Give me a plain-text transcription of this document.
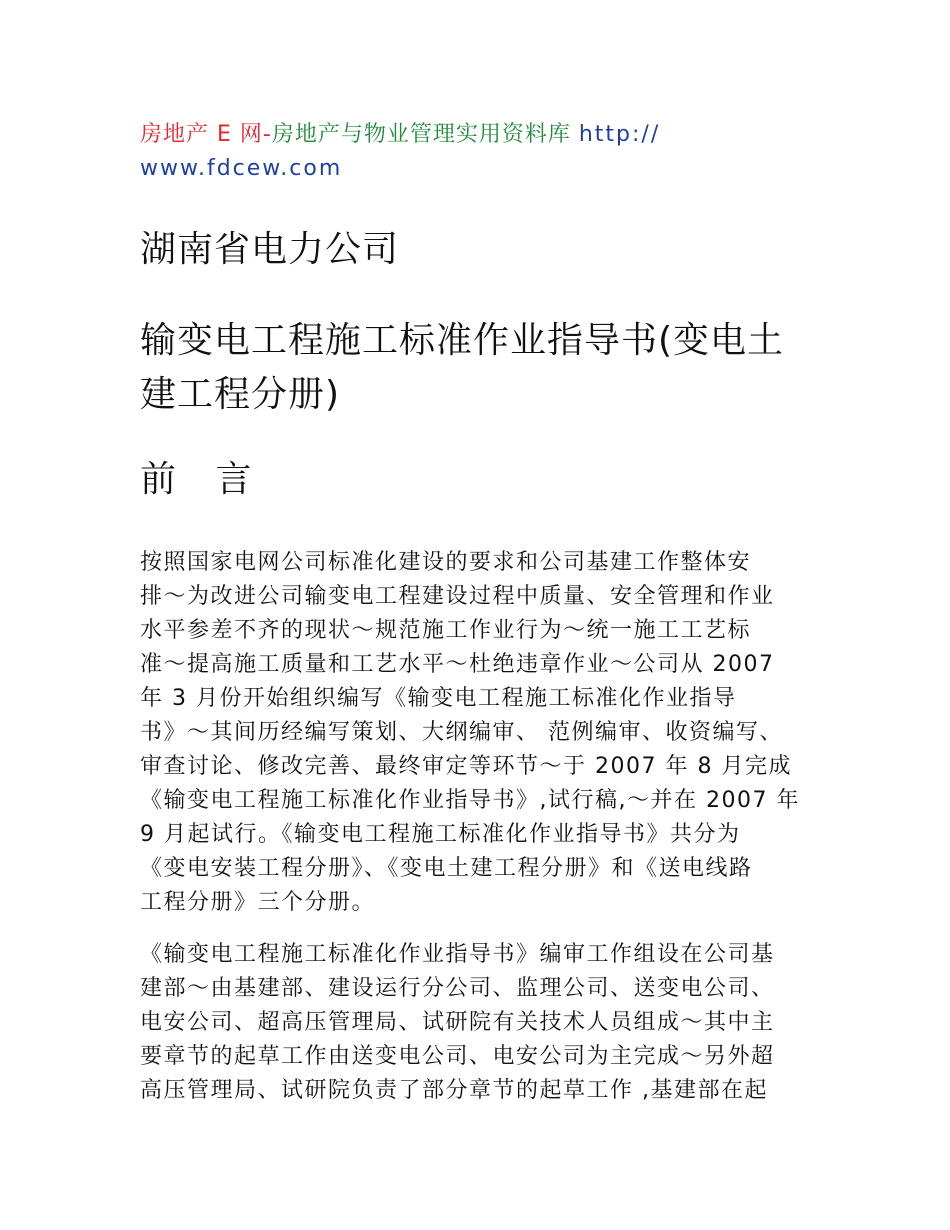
房地产 E 网-房地产与物业管理实用资料库 http://
www.fdcew.com
湖南省电力公司
输变电工程施工标准作业指导书(变电土
建工程分册)
前 言
按照国家电网公司标准化建设的要求和公司基建工作整体安
排～为改进公司输变电工程建设过程中质量、安全管理和作业
水平参差不齐的现状～规范施工作业行为～统一施工工艺标
准～提高施工质量和工艺水平～杜绝违章作业～公司从 2007
年 3 月份开始组织编写《输变电工程施工标准化作业指导
书》～其间历经编写策划、大纲编审、 范例编审、收资编写、
审查讨论、修改完善、最终审定等环节～于 2007 年 8 月完成
《输变电工程施工标准化作业指导书》,试行稿,～并在 2007 年
9 月起试行。《输变电工程施工标准化作业指导书》共分为
《变电安装工程分册》、《变电土建工程分册》和《送电线路
工程分册》三个分册。
《输变电工程施工标准化作业指导书》编审工作组设在公司基
建部～由基建部、建设运行分公司、监理公司、送变电公司、
电安公司、超高压管理局、试研院有关技术人员组成～其中主
要章节的起草工作由送变电公司、电安公司为主完成～另外超
高压管理局、试研院负责了部分章节的起草工作 ,基建部在起
